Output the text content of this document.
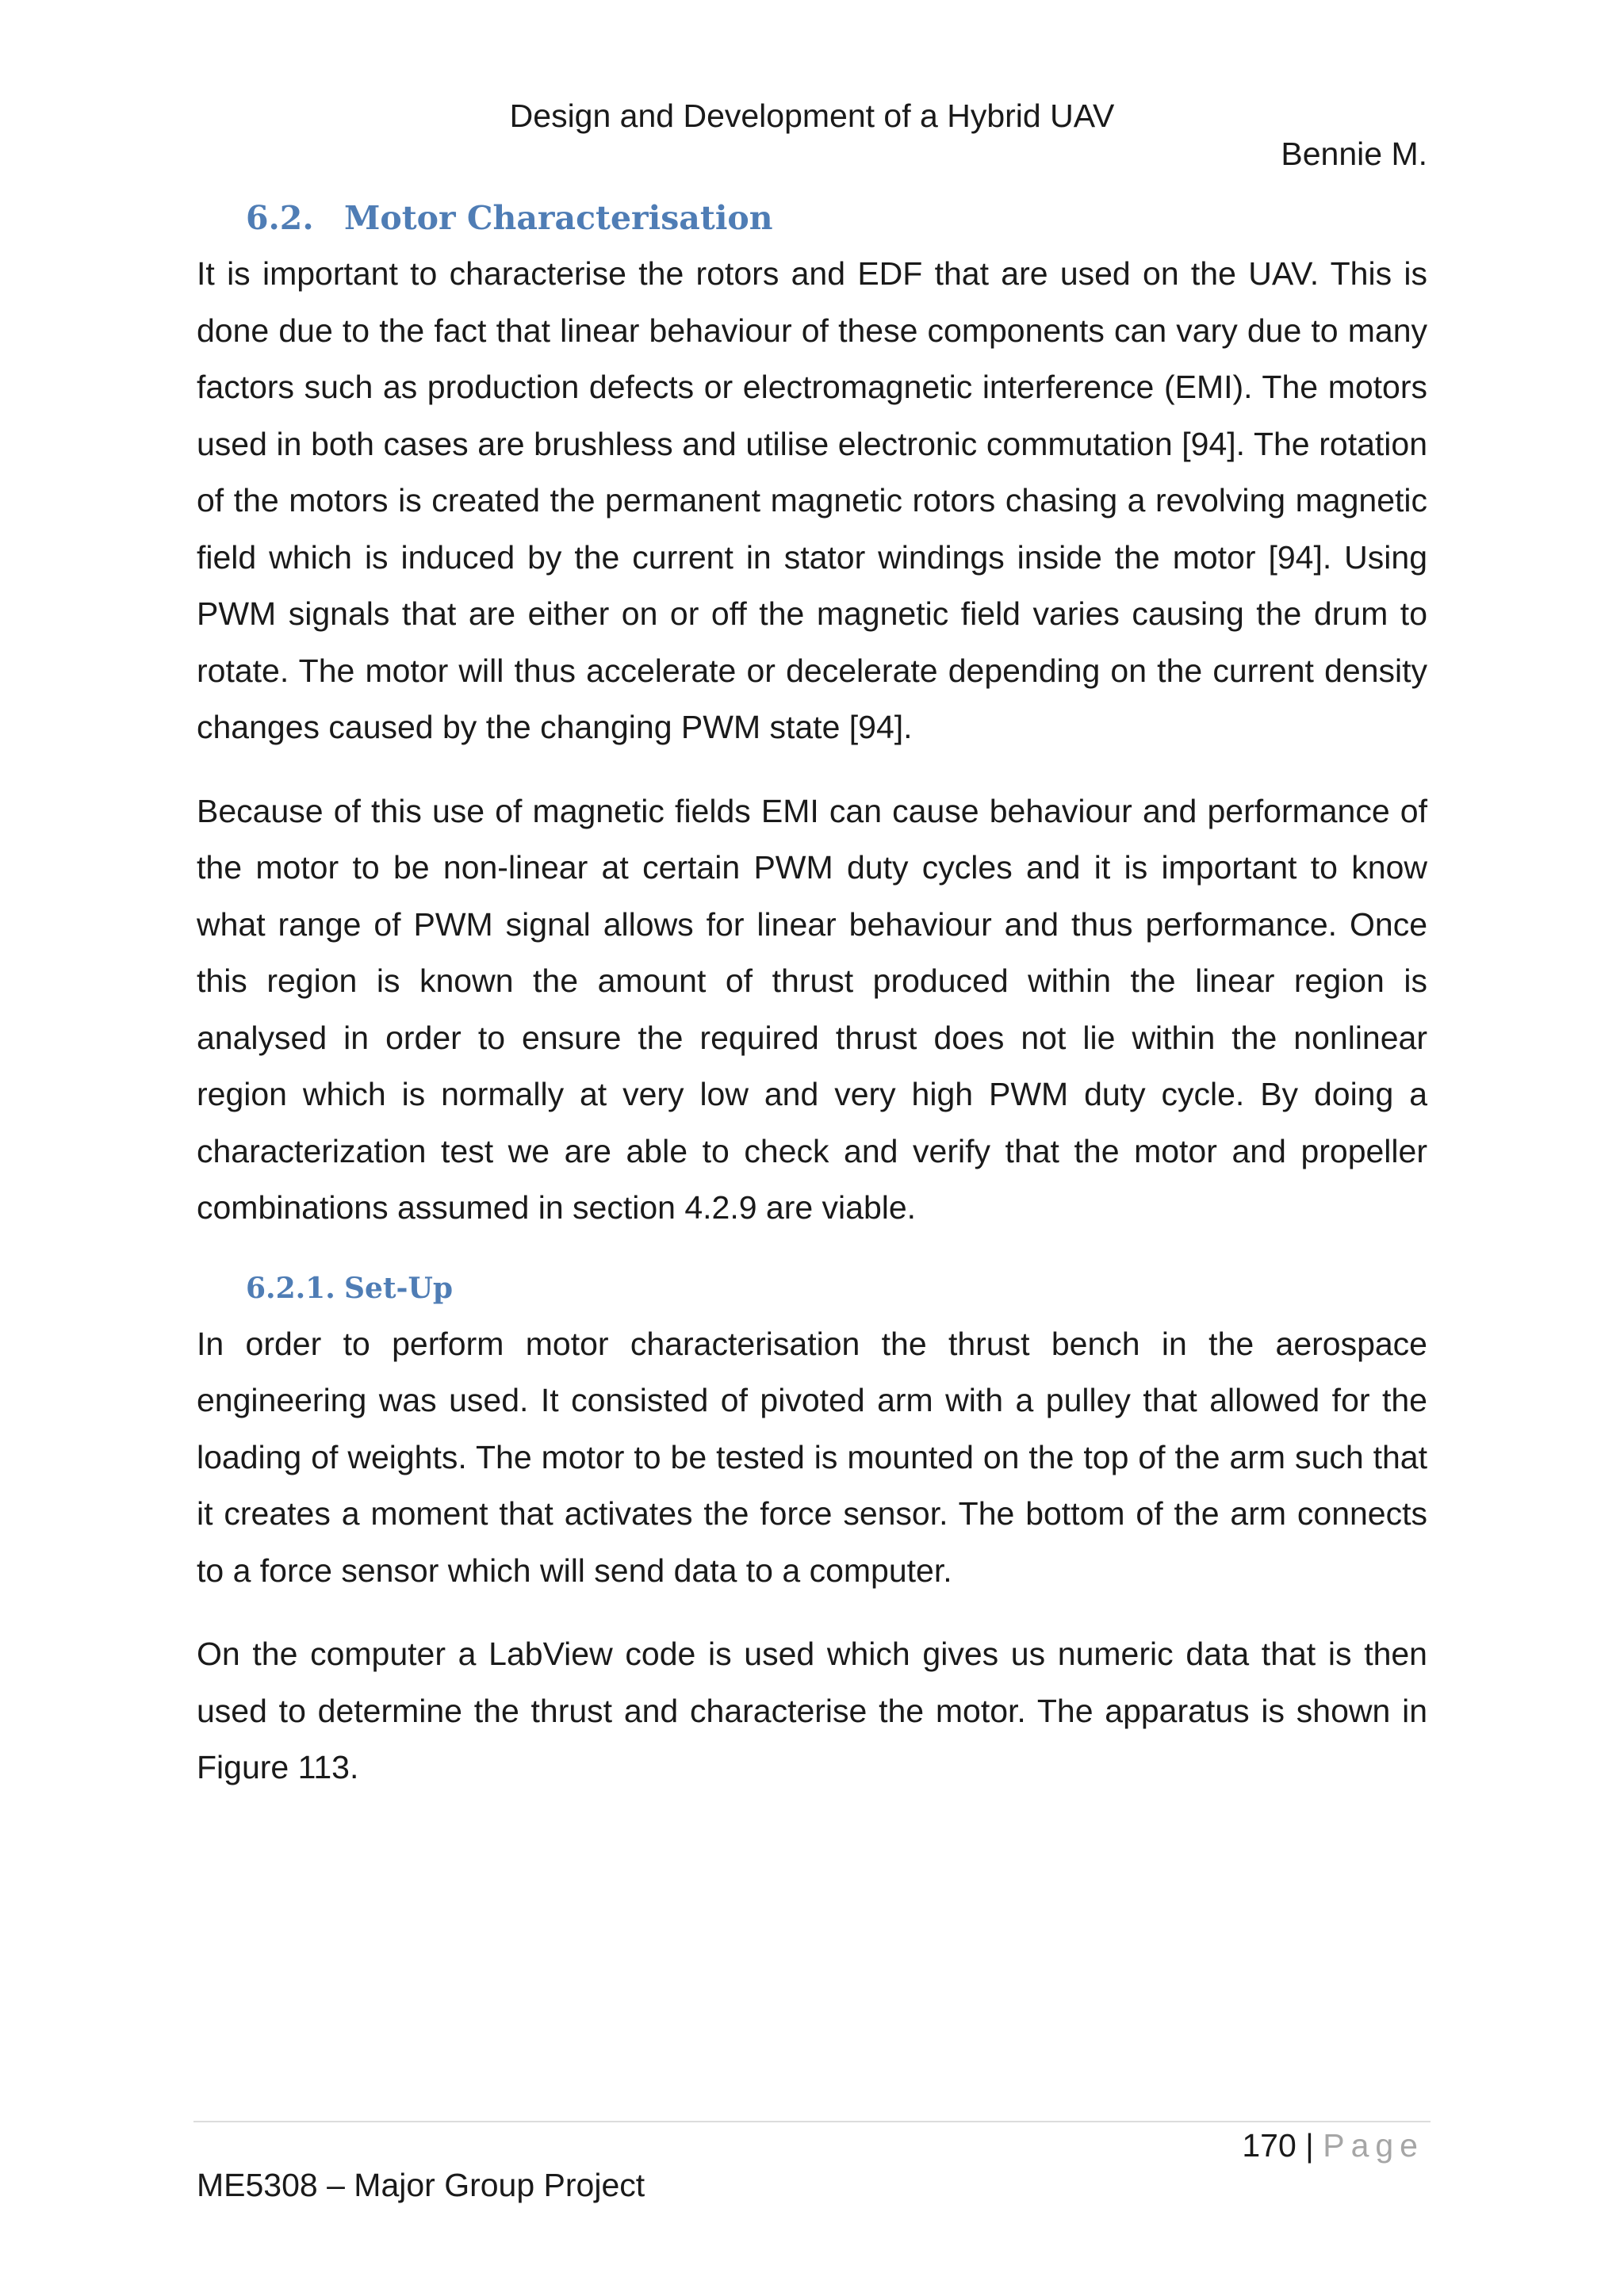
Design and Development of a Hybrid UAV
Bennie M.
6.2. Motor Characterisation

It is important to characterise the rotors and EDF that are used on the UAV. This is done due to the fact that linear behaviour of these components can vary due to many factors such as production defects or electromagnetic interference (EMI). The motors used in both cases are brushless and utilise electronic commutation [94]. The rotation of the motors is created the permanent magnetic rotors chasing a revolving magnetic field which is induced by the current in stator windings inside the motor [94]. Using PWM signals that are either on or off the magnetic field varies causing the drum to rotate. The motor will thus accelerate or decelerate depending on the current density changes caused by the changing PWM state [94].

Because of this use of magnetic fields EMI can cause behaviour and performance of the motor to be non-linear at certain PWM duty cycles and it is important to know what range of PWM signal allows for linear behaviour and thus performance. Once this region is known the amount of thrust produced within the linear region is analysed in order to ensure the required thrust does not lie within the nonlinear region which is normally at very low and very high PWM duty cycle. By doing a characterization test we are able to check and verify that the motor and propeller combinations assumed in section 4.2.9 are viable.

6.2.1. Set-Up

In order to perform motor characterisation the thrust bench in the aerospace engineering was used. It consisted of pivoted arm with a pulley that allowed for the loading of weights. The motor to be tested is mounted on the top of the arm such that it creates a moment that activates the force sensor. The bottom of the arm connects to a force sensor which will send data to a computer.

On the computer a LabView code is used which gives us numeric data that is then used to determine the thrust and characterise the motor. The apparatus is shown in Figure 113.

170 | Page
ME5308 – Major Group Project
